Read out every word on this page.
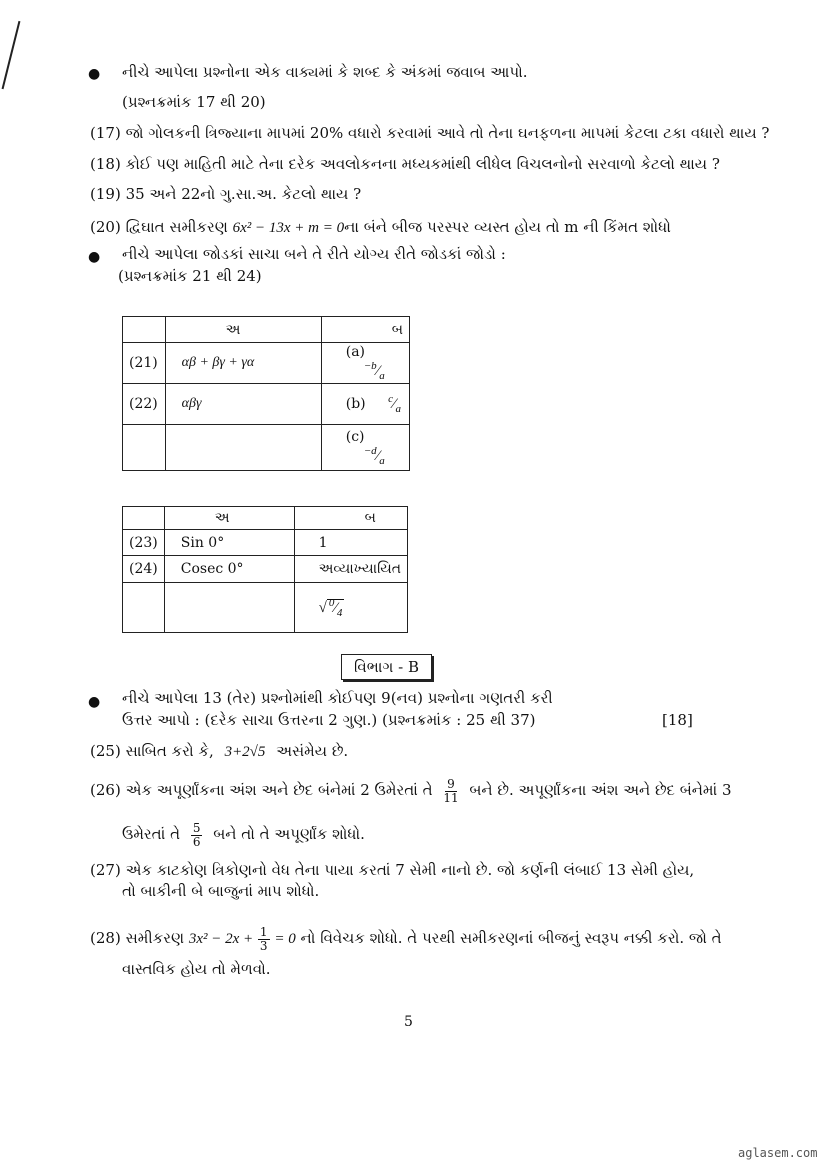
● નીચે આપેલા પ્રશ્નોના એક વાક્યમાં કે શબ્દ કે અંકમાં જવાબ આપો.
(પ્રશ્નક્રમાંક 17 થી 20)
(17) જો ગોલકની ત્રિજ્યાના માપમાં 20% વધારો કરવામાં આવે તો તેના ઘનફળના માપમાં કેટલા ટકા વધારો થાય ?
(18) કોઈ પણ માહિતી માટે તેના દરેક અવલોકનના મધ્યકમાંથી લીધેલ વિચલનોનો સરવાળો કેટલો થાય ?
(19) 35 અને 22નો ગુ.સા.અ. કેટલો થાય ?
(20) દ્વિઘાત સમીકરણ 6x² − 13x + m = 0ના બંને બીજ પરસ્પર વ્યસ્ત હોય તો m ની કિંમત શોધો
● નીચે આપેલા જોડકાં સાચા બને તે રીતે યોગ્ય રીતે જોડકાં જોડો :
(પ્રશ્નક્રમાંક 21 થી 24)
	અ	બ
(21)	αβ + βγ + γα	(a) $^{-b}⁄_a$
(22)	αβγ	(b) $^c⁄_a$
		(c) $^{-d}⁄_a$
	અ	બ
(23)	Sin 0°	1
(24)	Cosec 0°	અવ્યાખ્યાયિત
		√ $^0⁄_4$
વિભાગ - B
● નીચે આપેલા 13 (તેર) પ્રશ્નોમાંથી કોઈપણ 9(નવ) પ્રશ્નોના ગણતરી કરી
ઉત્તર આપો : (દરેક સાચા ઉત્તરના 2 ગુણ.) (પ્રશ્નક્રમાંક : 25 થી 37)	[18]
(25) સાબિત કરો કે, 3+2√5 અસંમેય છે.
(26) એક અપૂર્ણાંકના અંશ અને છેદ બંનેમાં 2 ઉમેરતાં તે $\frac{9}{11}$ બને છે. અપૂર્ણાંકના અંશ અને છેદ બંનેમાં 3
ઉમેરતાં તે $\frac{5}{6}$ બને તો તે અપૂર્ણાંક શોધો.
(27) એક કાટકોણ ત્રિકોણનો વેધ તેના પાયા કરતાં 7 સેમી નાનો છે. જો કર્ણની લંબાઈ 13 સેમી હોય,
તો બાકીની બે બાજુનાં માપ શોધો.
(28) સમીકરણ $3x^2 - 2x + \frac{1}{3} = 0$ નો વિવેચક શોધો. તે પરથી સમીકરણનાં બીજનું સ્વરૂપ નક્કી કરો. જો તે
વાસ્તવિક હોય તો મેળવો.
5
aglasem.com
